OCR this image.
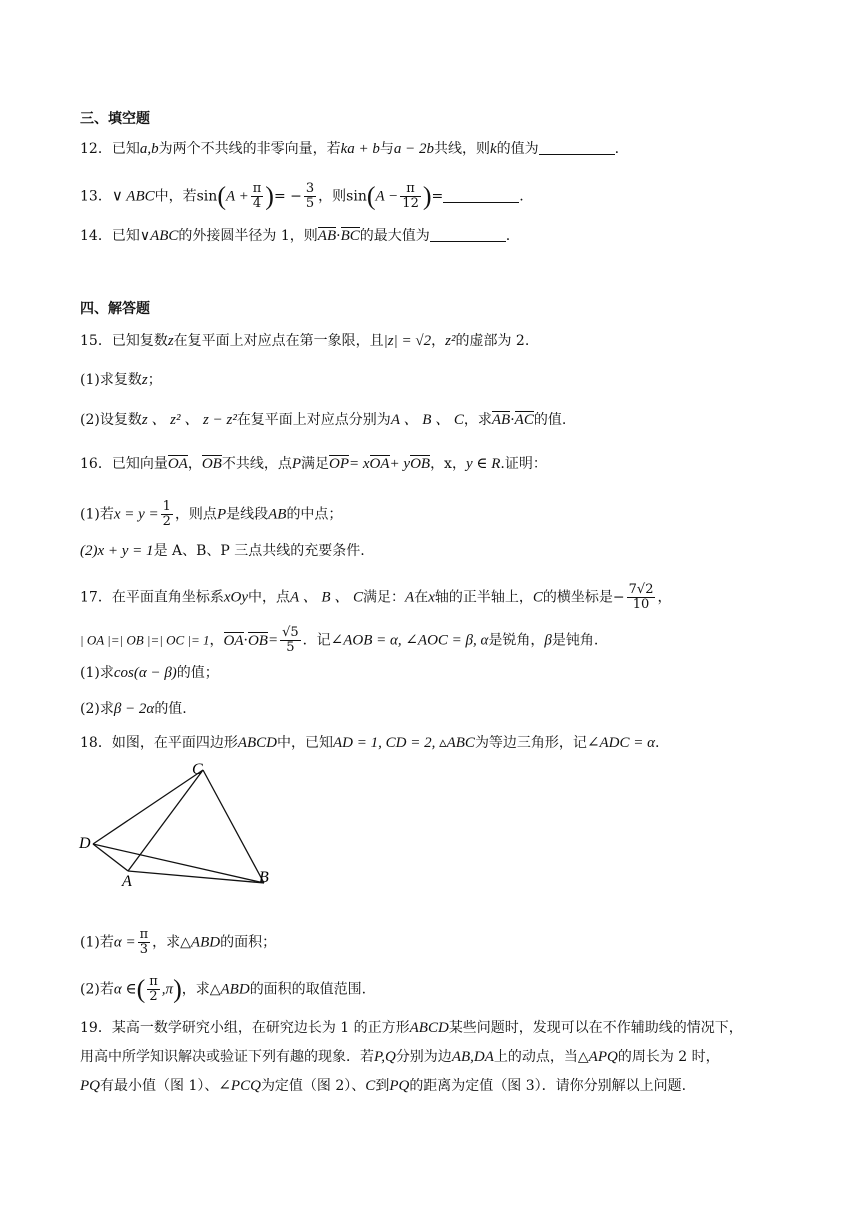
三、填空题
12．已知a,b为两个不共线的非零向量，若ka + b与a − 2b共线，则k的值为	.
13．∨ ABC中，若$\sin(A + \frac{\pi}{4}$ )= − $\frac{3}{5}$ ，则$\sin(A - \frac{\pi}{12}$ )=	.
14．已知∨ABC的外接圆半径为 1，则AB·BC的最大值为	.
四、解答题
15．已知复数z在复平面上对应点在第一象限，且|z| = √2，z²的虚部为 2.
(1)求复数z；
(2)设复数z 、 z² 、 z − z²在复平面上对应点分别为A 、 B 、 C，求AB·AC的值.
16．已知向量OA，OB不共线，点P满足OP= xOA+ yOB，x，y ∈ R.证明：
(1)若$x = y = \frac{1}{2}$ ，则点P是线段AB的中点；
(2)x + y = 1是 A、B、P 三点共线的充要条件.
17．在平面直角坐标系xOy中，点A 、 B 、 C满足：A在x轴的正半轴上，C的横坐标是− $\frac{7√2}{10}$ ，
| OA |=| OB |=| OC |= 1，$OA\cdot OB= \frac{√5}{5}$ ．记∠AOB = α, ∠AOC = β, α是锐角，β是钝角.
(1)求cos(α − β)的值；
(2)求β − 2α的值.
18．如图，在平面四边形ABCD中，已知AD = 1, CD = 2, ▵ABC为等边三角形，记∠ADC = α.
C
D
A	B
(1)若$\alpha = \frac{\pi}{3}$ ，求△ABD的面积；
(2)若α ∈( $\frac{\pi}{2} ,\pi$)，求△ABD的面积的取值范围.
19．某高一数学研究小组，在研究边长为 1 的正方形ABCD某些问题时，发现可以在不作辅助线的情况下，
用高中所学知识解决或验证下列有趣的现象．若P,Q分别为边AB,DA上的动点，当△APQ的周长为 2 时，
PQ有最小值（图 1）、∠PCQ为定值（图 2）、C到PQ的距离为定值（图 3）．请你分别解以上问题.
